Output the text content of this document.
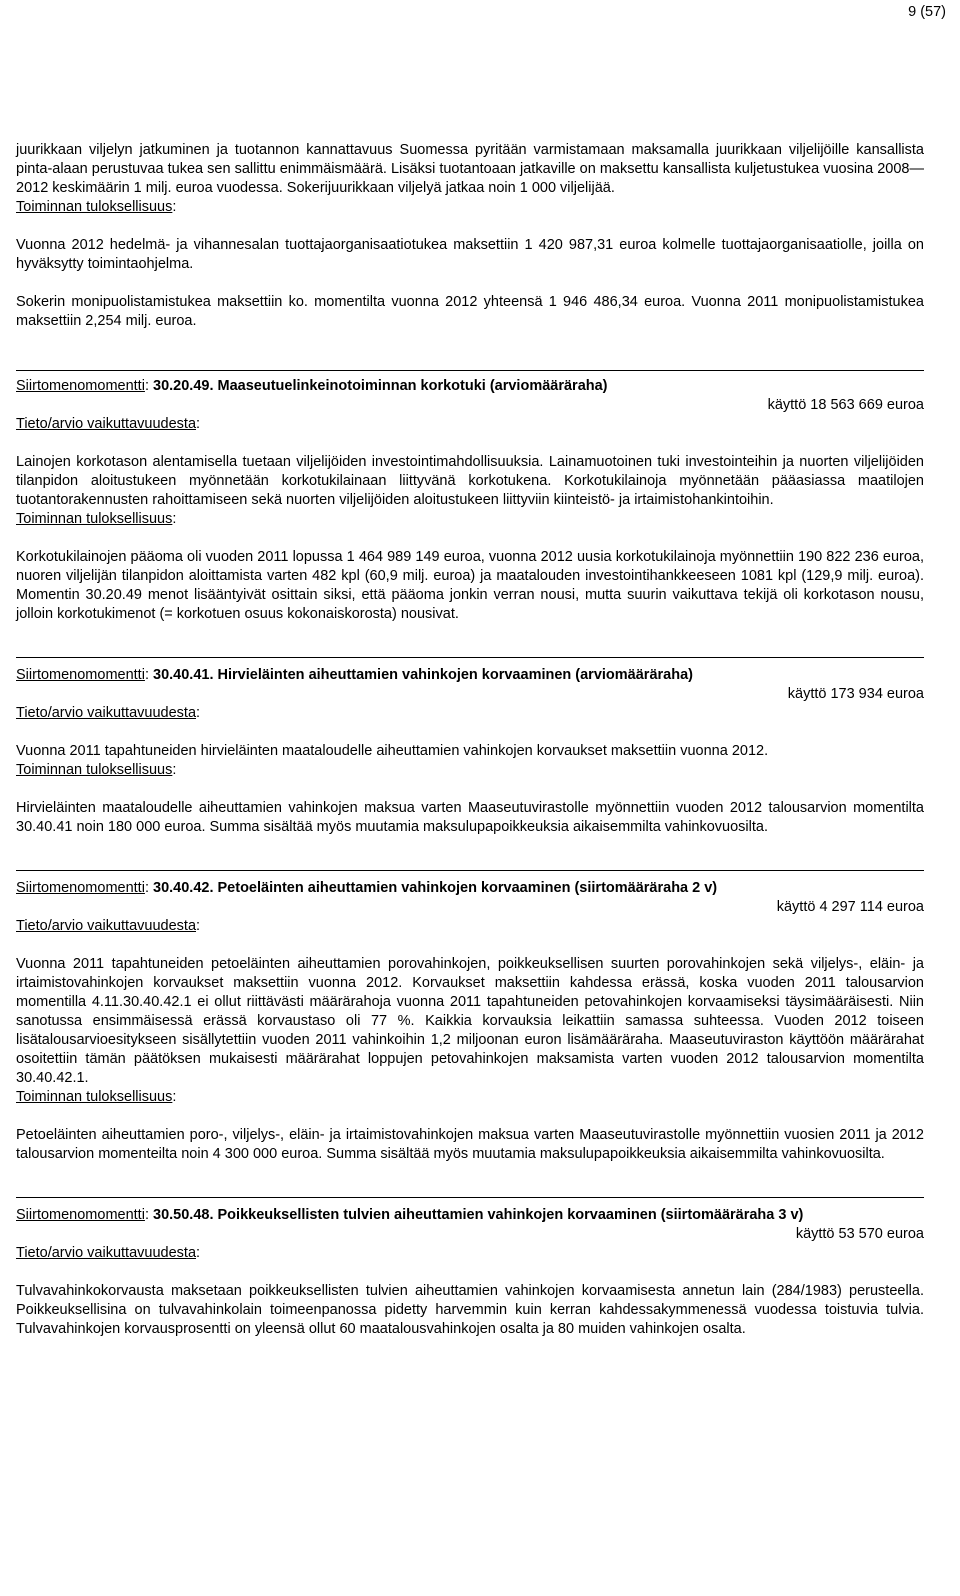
9 (57)

juurikkaan viljelyn jatkuminen ja tuotannon kannattavuus Suomessa pyritään varmistamaan maksamalla juurikkaan viljelijöille kansallista pinta-alaan perustuvaa tukea sen sallittu enimmäismäärä. Lisäksi tuotantoaan jatkaville on maksettu kansallista kuljetustukea vuosina 2008—2012 keskimäärin 1 milj. euroa vuodessa. Sokerijuurikkaan viljelyä jatkaa noin 1 000 viljelijää.

Toiminnan tuloksellisuus:

Vuonna 2012 hedelmä- ja vihannesalan tuottajaorganisaatiotukea maksettiin 1 420 987,31 euroa kolmelle tuottajaorganisaatiolle, joilla on hyväksytty toimintaohjelma.

Sokerin monipuolistamistukea maksettiin ko. momentilta vuonna 2012 yhteensä 1 946 486,34 euroa. Vuonna 2011 monipuolistamistukea maksettiin 2,254 milj. euroa.

Siirtomenomomentti: 30.20.49. Maaseutuelinkeinotoiminnan korkotuki (arviomääräraha)

käyttö 18 563 669 euroa

Tieto/arvio vaikuttavuudesta:

Lainojen korkotason alentamisella tuetaan viljelijöiden investointimahdollisuuksia. Lainamuotoinen tuki investointeihin ja nuorten viljelijöiden tilanpidon aloitustukeen myönnetään korkotukilainaan liittyvänä korkotukena. Korkotukilainoja myönnetään pääasiassa maatilojen tuotantorakennusten rahoittamiseen sekä nuorten viljelijöiden aloitustukeen liittyviin kiinteistö- ja irtaimistohankintoihin.

Toiminnan tuloksellisuus:

Korkotukilainojen pääoma oli vuoden 2011 lopussa 1 464 989 149 euroa, vuonna 2012 uusia korkotukilainoja myönnettiin 190 822 236 euroa, nuoren viljelijän tilanpidon aloittamista varten 482 kpl (60,9 milj. euroa) ja maatalouden investointihankkeeseen 1081 kpl (129,9 milj. euroa). Momentin 30.20.49 menot lisääntyivät osittain siksi, että pääoma jonkin verran nousi, mutta suurin vaikuttava tekijä oli korkotason nousu, jolloin korkotukimenot (= korkotuen osuus kokonaiskorosta) nousivat.

Siirtomenomomentti: 30.40.41. Hirvieläinten aiheuttamien vahinkojen korvaaminen (arviomääräraha)

käyttö 173 934 euroa

Tieto/arvio vaikuttavuudesta:

Vuonna 2011 tapahtuneiden hirvieläinten maataloudelle aiheuttamien vahinkojen korvaukset maksettiin vuonna 2012.

Toiminnan tuloksellisuus:

Hirvieläinten maataloudelle aiheuttamien vahinkojen maksua varten Maaseutuvirastolle myönnettiin vuoden 2012 talousarvion momentilta 30.40.41 noin 180 000 euroa. Summa sisältää myös muutamia maksulupapoikkeuksia aikaisemmilta vahinkovuosilta.

Siirtomenomomentti: 30.40.42. Petoeläinten aiheuttamien vahinkojen korvaaminen (siirtomääräraha 2 v)

käyttö 4 297 114 euroa

Tieto/arvio vaikuttavuudesta:

Vuonna 2011 tapahtuneiden petoeläinten aiheuttamien porovahinkojen, poikkeuksellisen suurten porovahinkojen sekä viljelys-, eläin- ja irtaimistovahinkojen korvaukset maksettiin vuonna 2012. Korvaukset maksettiin kahdessa erässä, koska vuoden 2011 talousarvion momentilla 4.11.30.40.42.1 ei ollut riittävästi määrärahoja vuonna 2011 tapahtuneiden petovahinkojen korvaamiseksi täysimääräisesti. Niin sanotussa ensimmäisessä erässä korvaustaso oli 77 %. Kaikkia korvauksia leikattiin samassa suhteessa. Vuoden 2012 toiseen lisätalousarvioesitykseen sisällytettiin vuoden 2011 vahinkoihin 1,2 miljoonan euron lisämääräraha. Maaseutuviraston käyttöön määrärahat osoitettiin tämän päätöksen mukaisesti määrärahat loppujen petovahinkojen maksamista varten vuoden 2012 talousarvion momentilta 30.40.42.1.

Toiminnan tuloksellisuus:

Petoeläinten aiheuttamien poro-, viljelys-, eläin- ja irtaimistovahinkojen maksua varten Maaseutuvirastolle myönnettiin vuosien 2011 ja 2012 talousarvion momenteilta noin 4 300 000 euroa. Summa sisältää myös muutamia maksulupapoikkeuksia aikaisemmilta vahinkovuosilta.

Siirtomenomomentti: 30.50.48. Poikkeuksellisten tulvien aiheuttamien vahinkojen korvaaminen (siirtomääräraha 3 v)

käyttö 53 570 euroa

Tieto/arvio vaikuttavuudesta:

Tulvavahinkokorvausta maksetaan poikkeuksellisten tulvien aiheuttamien vahinkojen korvaamisesta annetun lain (284/1983) perusteella. Poikkeuksellisina on tulvavahinkolain toimeenpanossa pidetty harvemmin kuin kerran kahdessakymmenessä vuodessa toistuvia tulvia. Tulvavahinkojen korvausprosentti on yleensä ollut 60 maatalousvahinkojen osalta ja 80 muiden vahinkojen osalta.
